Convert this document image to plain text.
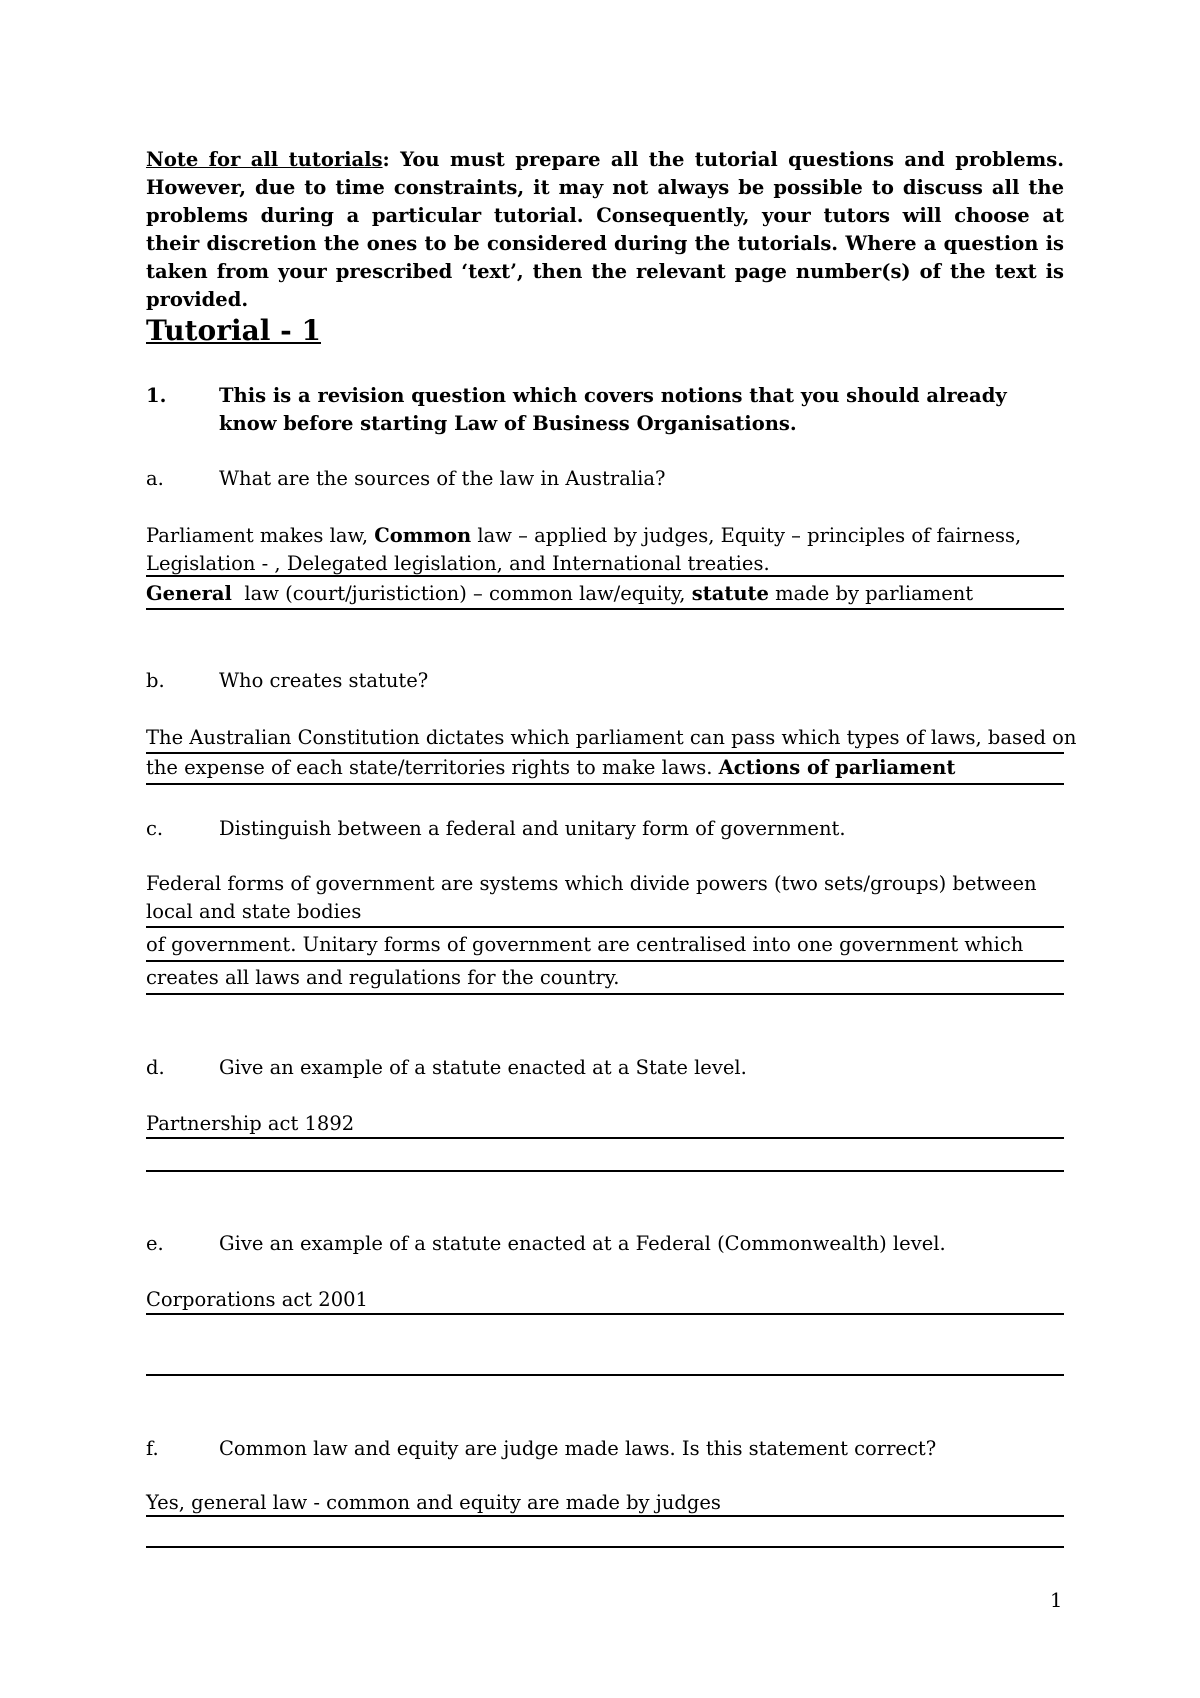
Note for all tutorials: You must prepare all the tutorial questions and problems. However, due to time constraints, it may not always be possible to discuss all the problems during a particular tutorial. Consequently, your tutors will choose at their discretion the ones to be considered during the tutorials. Where a question is taken from your prescribed ‘text’, then the relevant page number(s) of the text is provided.
Tutorial - 1
1.	This is a revision question which covers notions that you should already know before starting Law of Business Organisations.
a.	What are the sources of the law in Australia?
Parliament makes law, Common law – applied by judges, Equity – principles of fairness,
Legislation - , Delegated legislation, and International treaties.
General  law (court/juristiction) – common law/equity, statute made by parliament
b.	Who creates statute?
The Australian Constitution dictates which parliament can pass which types of laws, based on
the expense of each state/territories rights to make laws. Actions of parliament
c.	Distinguish between a federal and unitary form of government.
Federal forms of government are systems which divide powers (two sets/groups) between
local and state bodies
of government. Unitary forms of government are centralised into one government which
creates all laws and regulations for the country.
d.	Give an example of a statute enacted at a State level.
Partnership act 1892
e.	Give an example of a statute enacted at a Federal (Commonwealth) level.
Corporations act 2001
f.	Common law and equity are judge made laws. Is this statement correct?
Yes, general law - common and equity are made by judges
1
